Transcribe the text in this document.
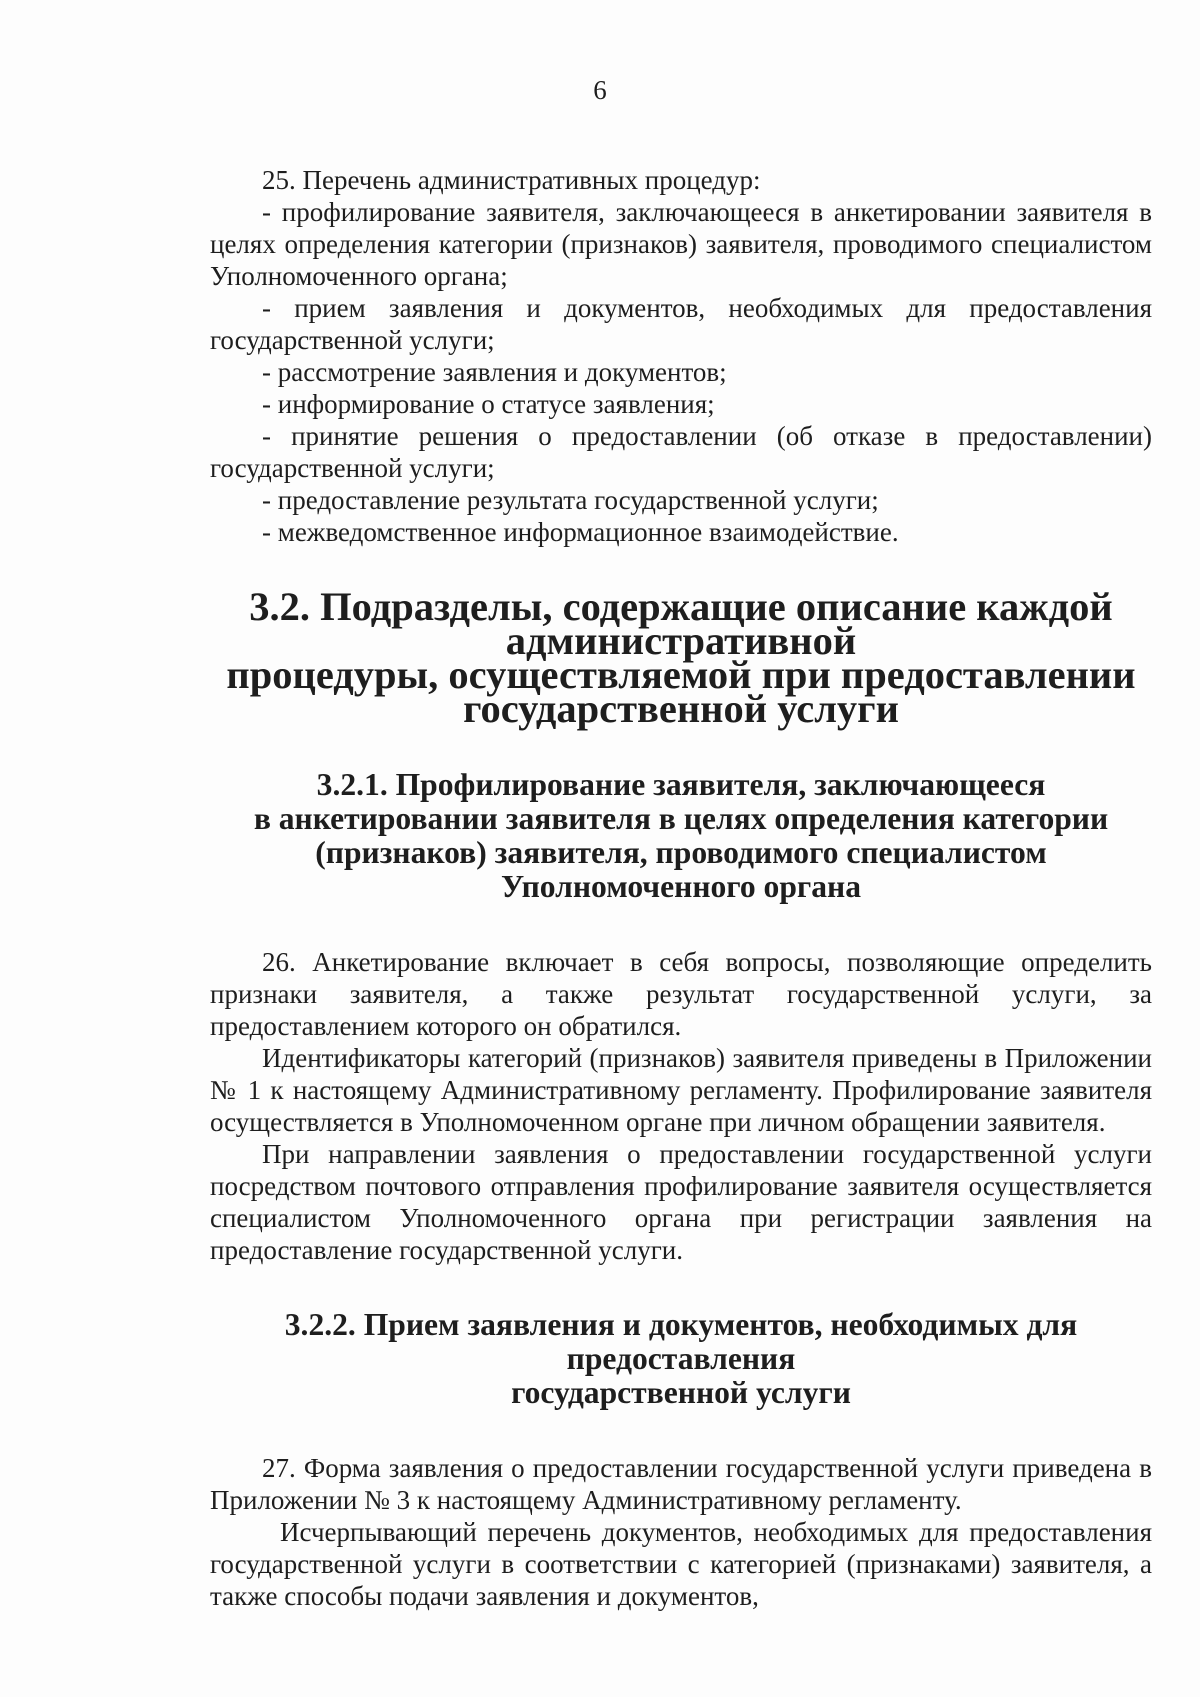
6

25. Перечень административных процедур:

- профилирование заявителя, заключающееся в анкетировании заявителя в целях определения категории (признаков) заявителя, проводимого специалистом Уполномоченного органа;

- прием заявления и документов, необходимых для предоставления государственной услуги;

- рассмотрение заявления и документов;

- информирование о статусе заявления;

- принятие решения о предоставлении (об отказе в предоставлении) государственной услуги;

- предоставление результата государственной услуги;

- межведомственное информационное взаимодействие.

3.2. Подразделы, содержащие описание каждой административной
процедуры, осуществляемой при предоставлении
государственной услуги
3.2.1. Профилирование заявителя, заключающееся
в анкетировании заявителя в целях определения категории
(признаков) заявителя, проводимого специалистом
Уполномоченного органа

26. Анкетирование включает в себя вопросы, позволяющие определить признаки заявителя, а также результат государственной услуги, за предоставлением которого он обратился.

Идентификаторы категорий (признаков) заявителя приведены в Приложении № 1 к настоящему Административному регламенту. Профилирование заявителя осуществляется в Уполномоченном органе при личном обращении заявителя.

При направлении заявления о предоставлении государственной услуги посредством почтового отправления профилирование заявителя осуществляется специалистом Уполномоченного органа при регистрации заявления на предоставление государственной услуги.

3.2.2. Прием заявления и документов, необходимых для предоставления
государственной услуги

27. Форма заявления о предоставлении государственной услуги приведена в Приложении № 3 к настоящему Административному регламенту.

Исчерпывающий перечень документов, необходимых для предоставления государственной услуги в соответствии с категорией (признаками) заявителя, а также способы подачи заявления и документов,
